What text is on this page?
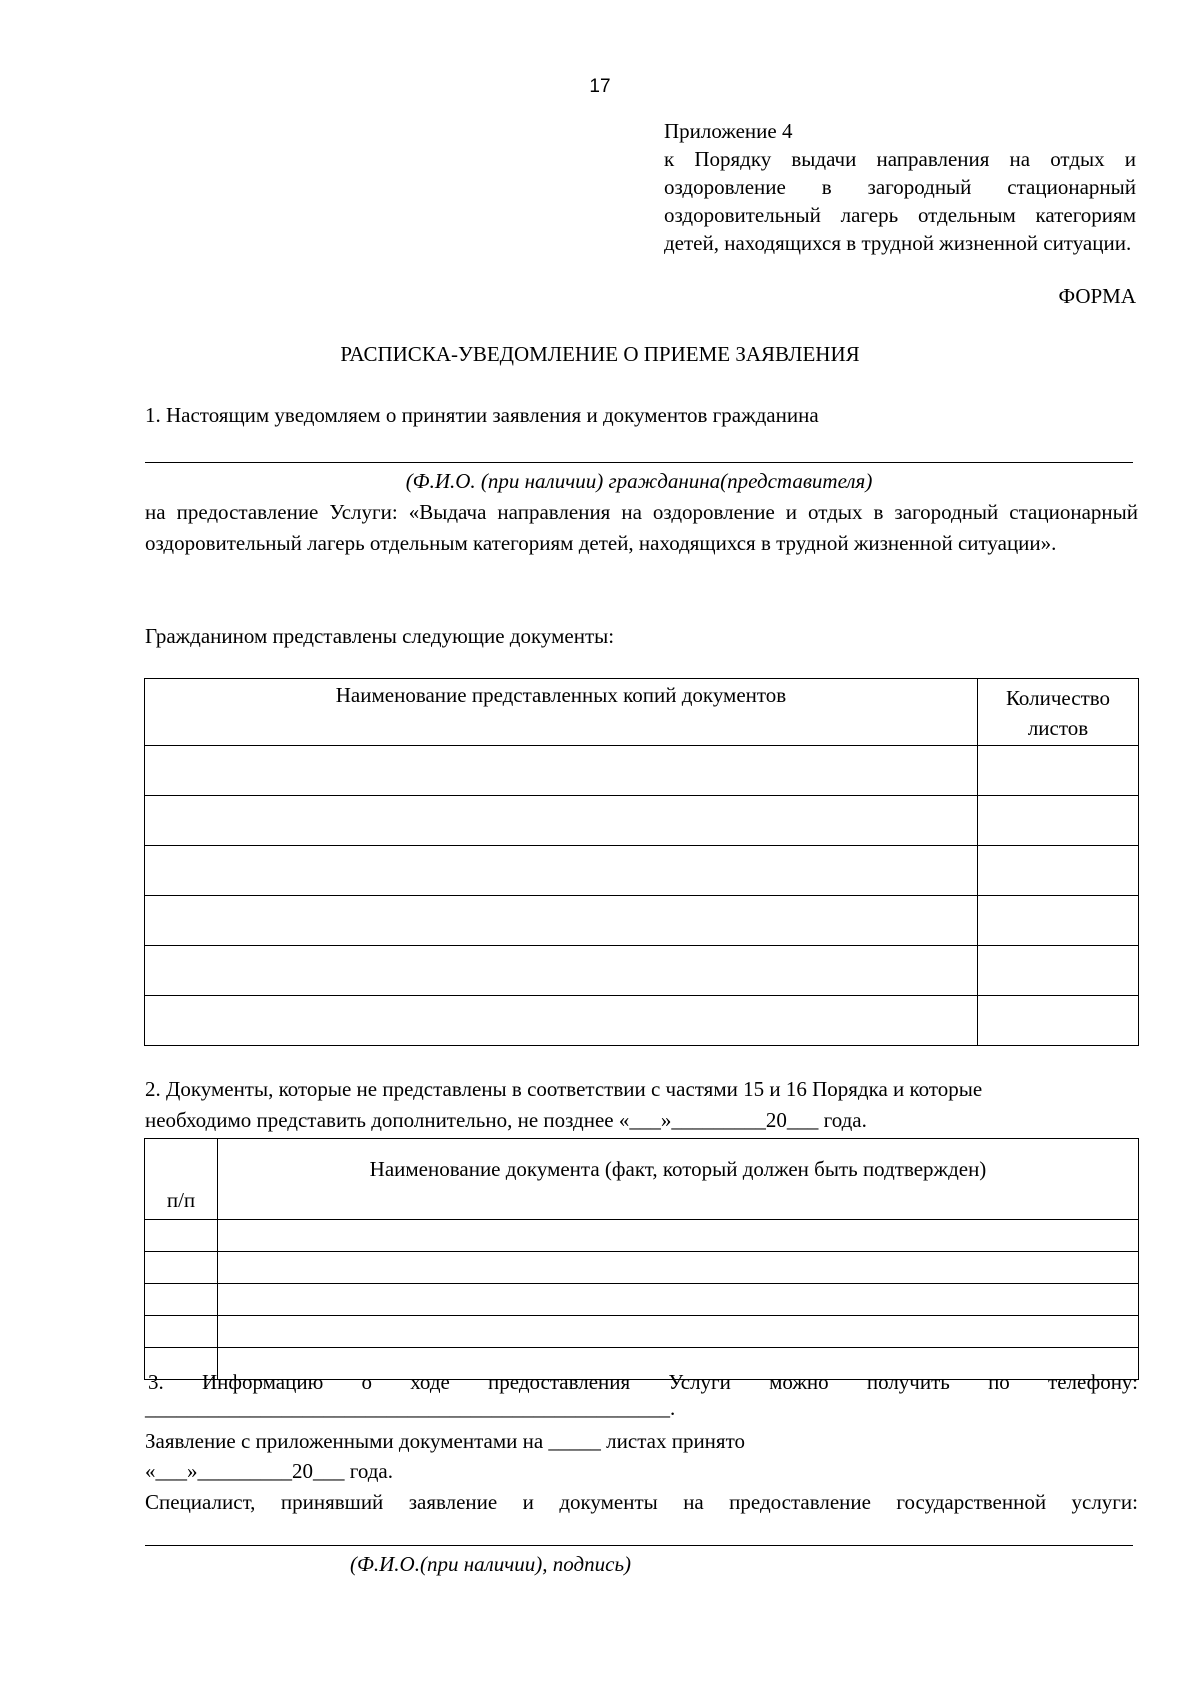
17
Приложение 4
к Порядку выдачи направления на отдых и оздоровление в загородный стационарный оздоровительный лагерь отдельным категориям детей, находящихся в трудной жизненной ситуации.
ФОРМА
РАСПИСКА-УВЕДОМЛЕНИЕ О ПРИЕМЕ ЗАЯВЛЕНИЯ
1. Настоящим уведомляем о принятии заявления и документов гражданина
(Ф.И.О. (при наличии) гражданина(представителя)
на предоставление Услуги: «Выдача направления на оздоровление и отдых в загородный стационарный оздоровительный лагерь отдельным категориям детей, находящихся в трудной жизненной ситуации».
Гражданином представлены следующие документы:
Наименование представленных копий документов	Количество
листов

2. Документы, которые не представлены в соответствии с частями 15 и 16 Порядка и которые
необходимо представить дополнительно, не позднее «___»_________20___ года.
п/п	Наименование документа (факт, который должен быть подтвержден)

3. Информацию о ходе предоставления Услуги можно получить по телефону:
__________________________________________________.
Заявление с приложенными документами на _____ листах принято
«___»_________20___ года.
Специалист, принявший заявление и документы на предоставление государственной услуги:
(Ф.И.О.(при наличии), подпись)
